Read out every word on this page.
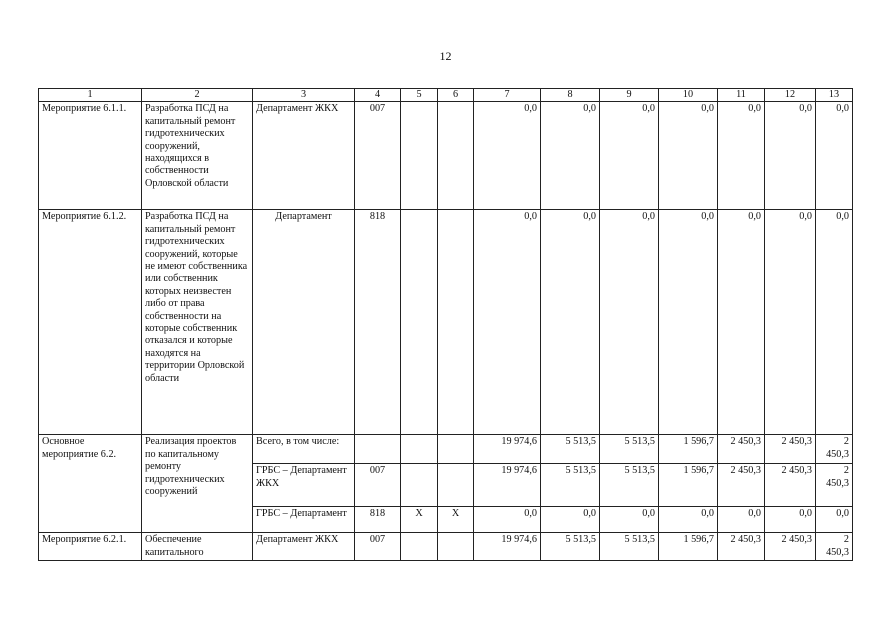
12
1	2	3	4	5	6	7	8	9	10	11	12	13
Мероприятие 6.1.1.	Разработка ПСД на капитальный ремонт гидротехнических сооружений, находящихся в собственности Орловской области	Департамент ЖКХ	007			0,0	0,0	0,0	0,0	0,0	0,0	0,0
Мероприятие 6.1.2.	Разработка ПСД на капитальный ремонт гидротехнических сооружений, которые не имеют собственника или собственник которых неизвестен либо от права собственности на которые собственник отказался и которые находятся на территории Орловской области	Департамент	818			0,0	0,0	0,0	0,0	0,0	0,0	0,0
Основное мероприятие 6.2.	Реализация проектов по капитальному ремонту гидротехнических сооружений	Всего, в том числе:				19 974,6	5 513,5	5 513,5	1 596,7	2 450,3	2 450,3	2 450,3
		ГРБС – Департамент ЖКХ	007			19 974,6	5 513,5	5 513,5	1 596,7	2 450,3	2 450,3	2 450,3
		ГРБС – Департамент	818	X	X	0,0	0,0	0,0	0,0	0,0	0,0	0,0
Мероприятие 6.2.1.	Обеспечение капитального	Департамент ЖКХ	007			19 974,6	5 513,5	5 513,5	1 596,7	2 450,3	2 450,3	2 450,3
